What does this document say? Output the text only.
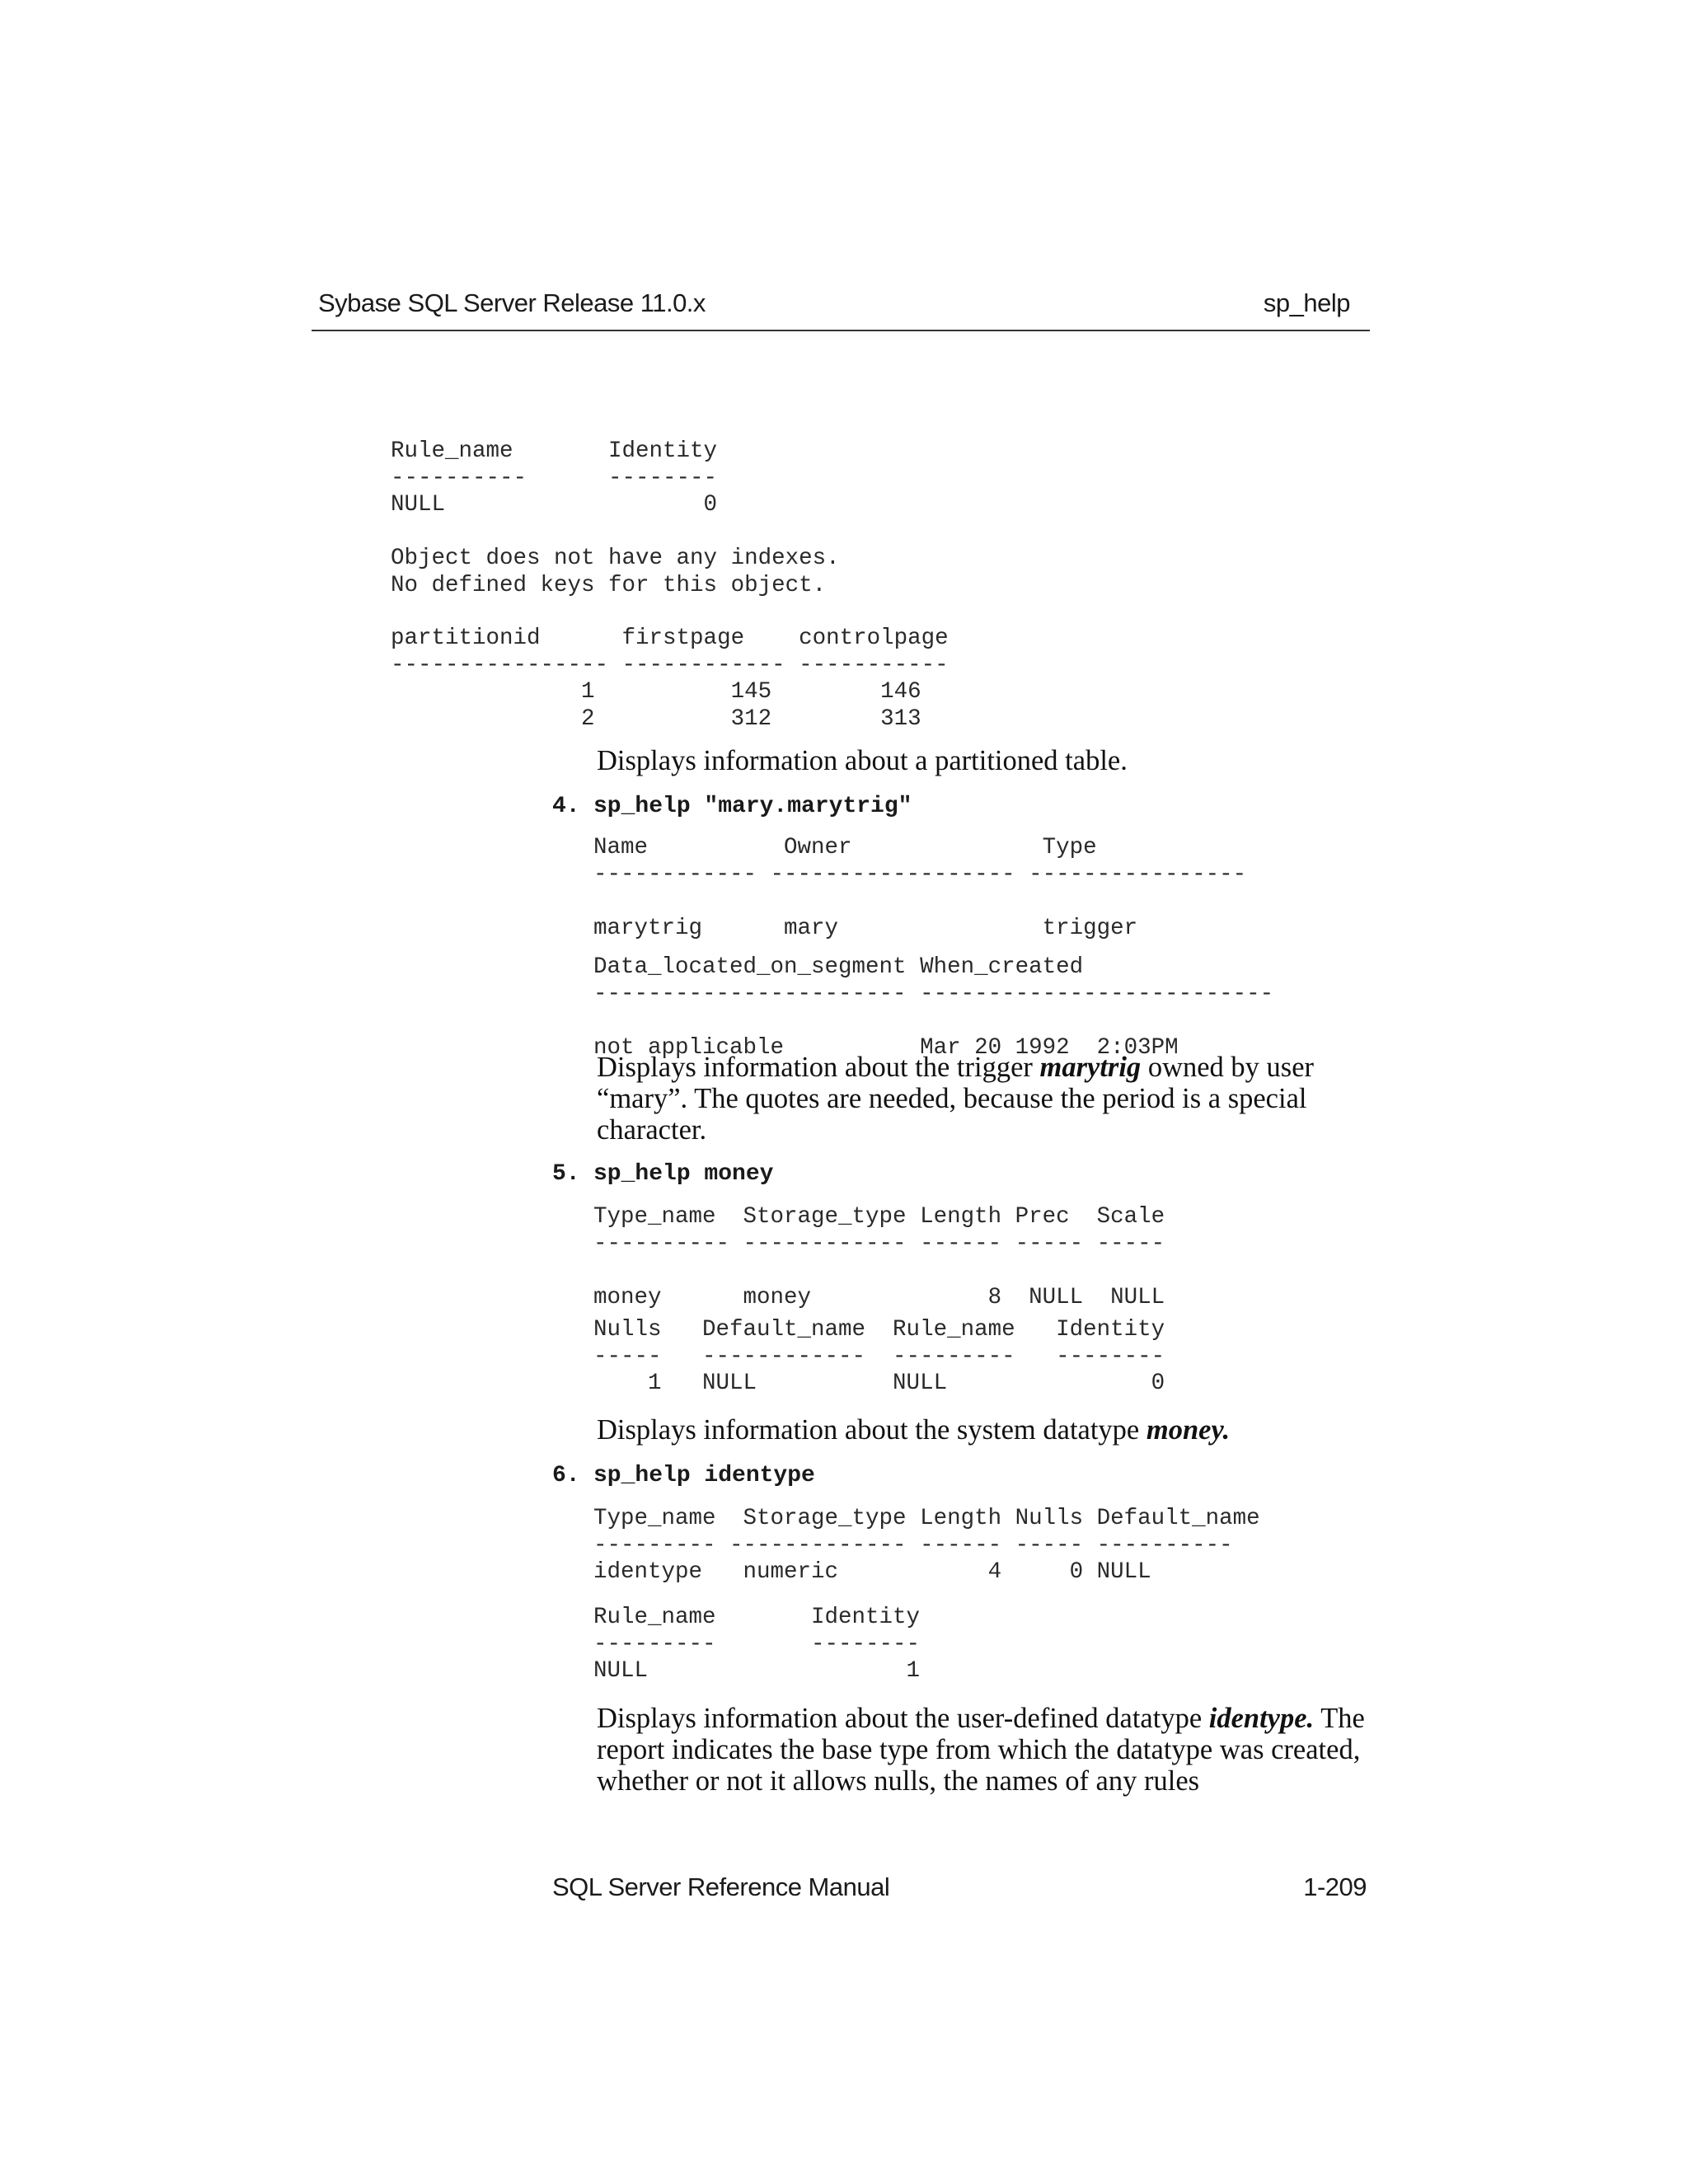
Sybase SQL Server Release 11.0.x	sp_help
Rule_name       Identity
----------      --------
NULL                   0
Object does not have any indexes.
No defined keys for this object.
partitionid      firstpage    controlpage
---------------- ------------ -----------
1          145        146
2          312        313

Displays information about a partitioned table.

4. sp_help "mary.marytrig"
Name          Owner              Type
------------ ------------------ ----------------

marytrig      mary               trigger
Data_located_on_segment When_created
----------------------- --------------------------

not applicable          Mar 20 1992  2:03PM

Displays information about the trigger marytrig owned by user “mary”. The quotes are needed, because the period is a special character.

5. sp_help money
Type_name  Storage_type Length Prec  Scale
---------- ------------ ------ ----- -----

money      money             8  NULL  NULL
Nulls   Default_name  Rule_name   Identity
-----   ------------  ---------   --------
1   NULL          NULL               0

Displays information about the system datatype money.

6. sp_help identype
Type_name  Storage_type Length Nulls Default_name
--------- ------------- ------ ----- ----------
identype   numeric           4     0 NULL
Rule_name       Identity
---------       --------
NULL                   1

Displays information about the user-defined datatype identype. The report indicates the base type from which the datatype was created, whether or not it allows nulls, the names of any rules

SQL Server Reference Manual	1-209
